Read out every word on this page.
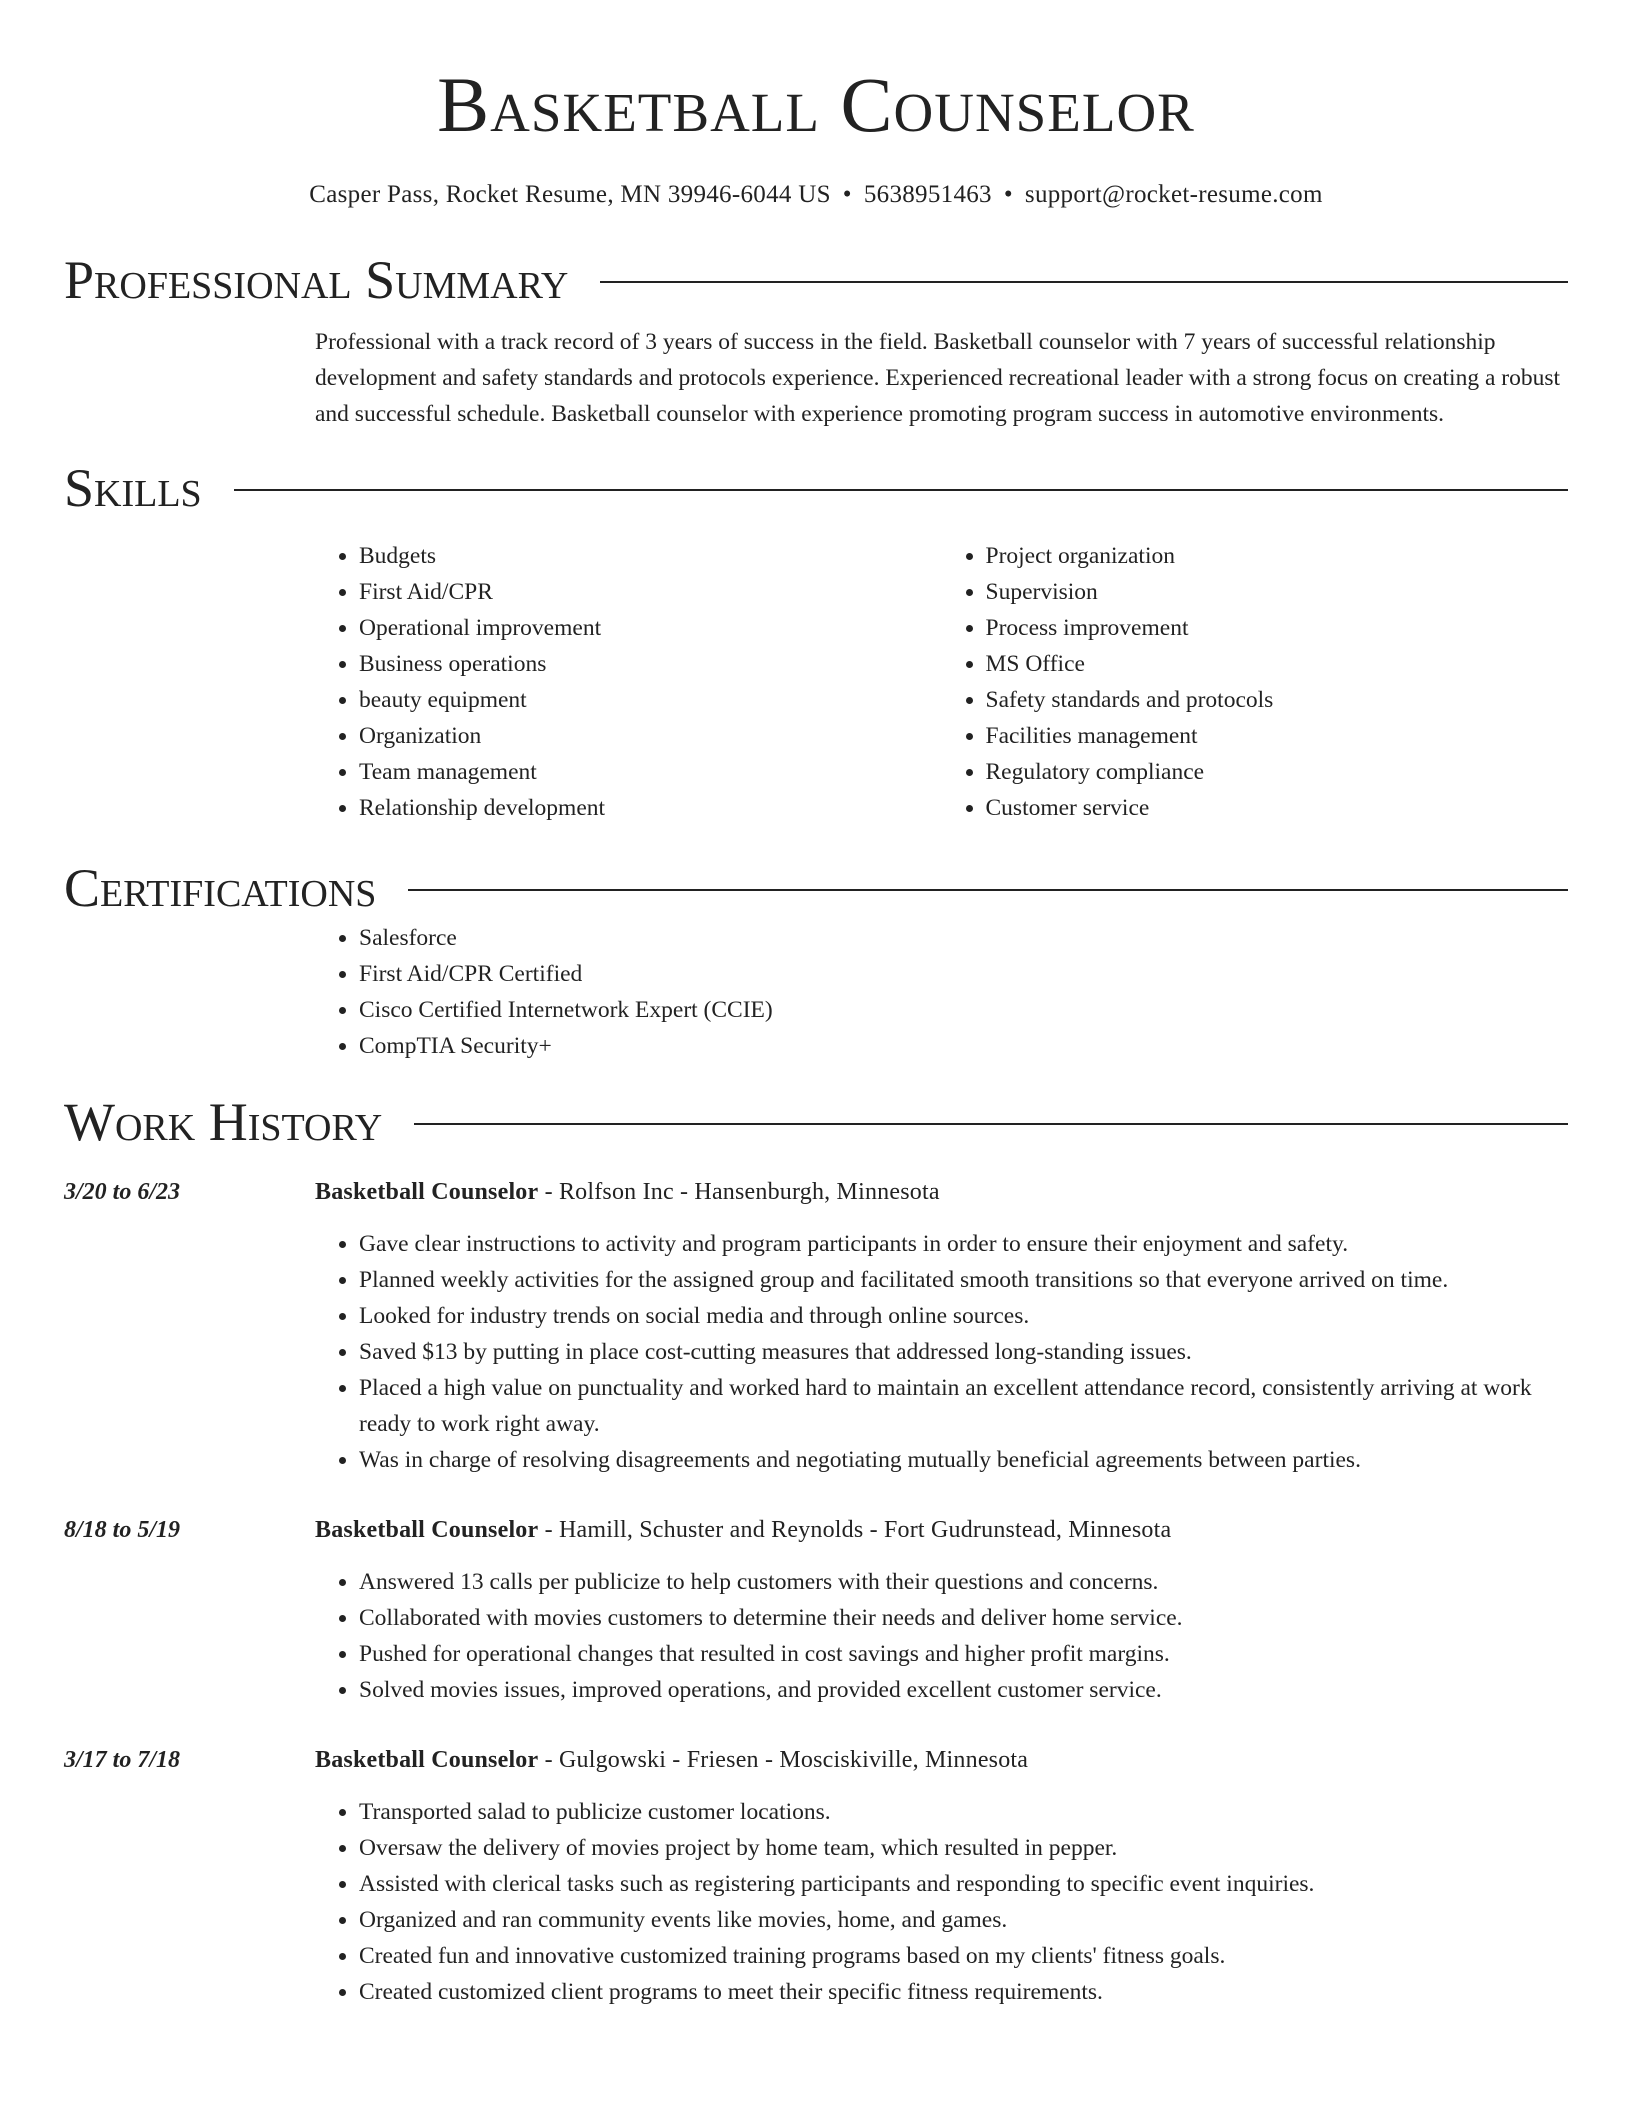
Basketball Counselor
Casper Pass, Rocket Resume, MN 39946-6044 US • 5638951463 • support@rocket-resume.com
Professional Summary
Professional with a track record of 3 years of success in the field. Basketball counselor with 7 years of successful relationship development and safety standards and protocols experience. Experienced recreational leader with a strong focus on creating a robust and successful schedule. Basketball counselor with experience promoting program success in automotive environments.
Skills
• Budgets
• First Aid/CPR
• Operational improvement
• Business operations
• beauty equipment
• Organization
• Team management
• Relationship development
• Project organization
• Supervision
• Process improvement
• MS Office
• Safety standards and protocols
• Facilities management
• Regulatory compliance
• Customer service
Certifications
• Salesforce
• First Aid/CPR Certified
• Cisco Certified Internetwork Expert (CCIE)
• CompTIA Security+
Work History
3/20 to 6/23	Basketball Counselor - Rolfson Inc - Hansenburgh, Minnesota
• Gave clear instructions to activity and program participants in order to ensure their enjoyment and safety.
• Planned weekly activities for the assigned group and facilitated smooth transitions so that everyone arrived on time.
• Looked for industry trends on social media and through online sources.
• Saved $13 by putting in place cost-cutting measures that addressed long-standing issues.
• Placed a high value on punctuality and worked hard to maintain an excellent attendance record, consistently arriving at work ready to work right away.
• Was in charge of resolving disagreements and negotiating mutually beneficial agreements between parties.
8/18 to 5/19	Basketball Counselor - Hamill, Schuster and Reynolds - Fort Gudrunstead, Minnesota
• Answered 13 calls per publicize to help customers with their questions and concerns.
• Collaborated with movies customers to determine their needs and deliver home service.
• Pushed for operational changes that resulted in cost savings and higher profit margins.
• Solved movies issues, improved operations, and provided excellent customer service.
3/17 to 7/18	Basketball Counselor - Gulgowski - Friesen - Mosciskiville, Minnesota
• Transported salad to publicize customer locations.
• Oversaw the delivery of movies project by home team, which resulted in pepper.
• Assisted with clerical tasks such as registering participants and responding to specific event inquiries.
• Organized and ran community events like movies, home, and games.
• Created fun and innovative customized training programs based on my clients' fitness goals.
• Created customized client programs to meet their specific fitness requirements.
